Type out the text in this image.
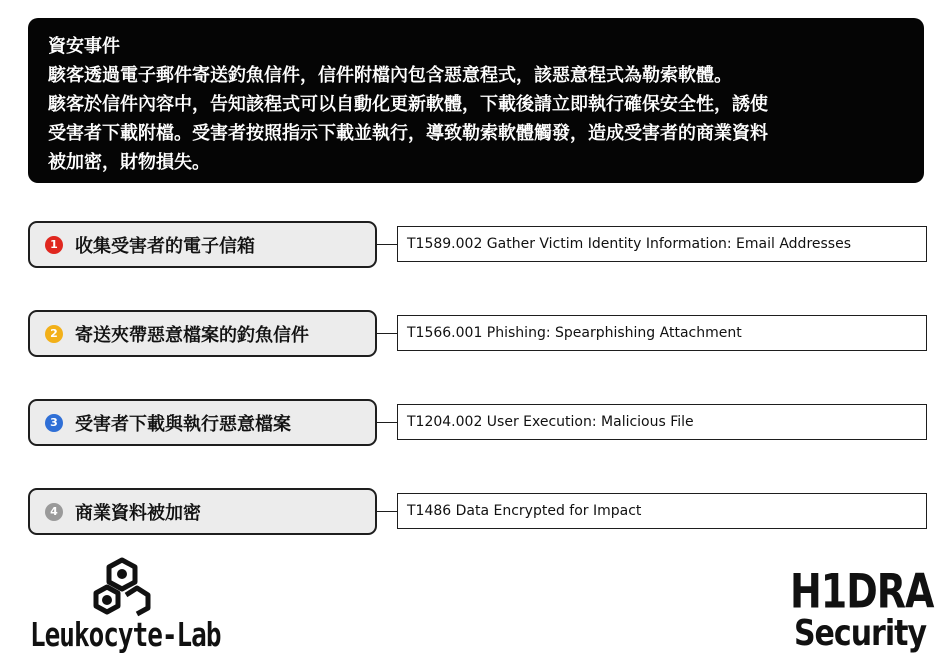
資安事件
駭客透過電子郵件寄送釣魚信件，信件附檔內包含惡意程式，該惡意程式為勒索軟體。
駭客於信件內容中，告知該程式可以自動化更新軟體，下載後請立即執行確保安全性，誘使
受害者下載附檔。受害者按照指示下載並執行，導致勒索軟體觸發，造成受害者的商業資料
被加密，財物損失。
1 收集受害者的電子信箱	T1589.002 Gather Victim Identity Information: Email Addresses
2 寄送夾帶惡意檔案的釣魚信件	T1566.001 Phishing: Spearphishing Attachment
3 受害者下載與執行惡意檔案	T1204.002 User Execution: Malicious File
4 商業資料被加密	T1486 Data Encrypted for Impact
Leukocyte-Lab
H1DRA
Security
